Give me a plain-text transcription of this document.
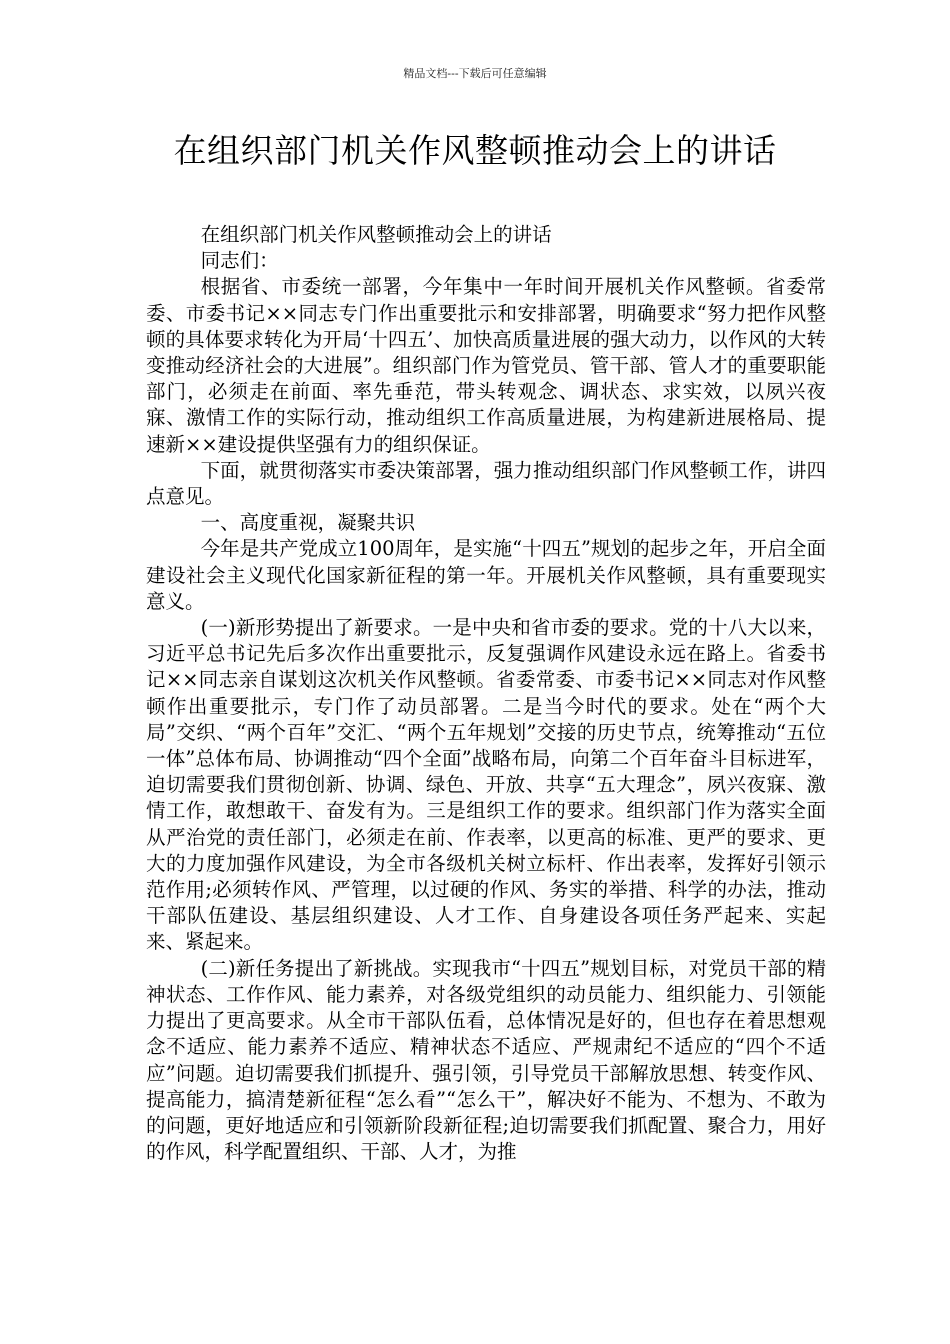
精品文档---下载后可任意编辑
在组织部门机关作风整顿推动会上的讲话

在组织部门机关作风整顿推动会上的讲话

同志们：

根据省、市委统一部署，今年集中一年时间开展机关作风整顿。省委常委、市委书记××同志专门作出重要批示和安排部署，明确要求“努力把作风整顿的具体要求转化为开局‘十四五’、加快高质量进展的强大动力，以作风的大转变推动经济社会的大进展”。组织部门作为管党员、管干部、管人才的重要职能部门，必须走在前面、率先垂范，带头转观念、调状态、求实效，以夙兴夜寐、激情工作的实际行动，推动组织工作高质量进展，为构建新进展格局、提速新××建设提供坚强有力的组织保证。

下面，就贯彻落实市委决策部署，强力推动组织部门作风整顿工作，讲四点意见。

一、高度重视，凝聚共识

今年是共产党成立100周年，是实施“十四五”规划的起步之年，开启全面建设社会主义现代化国家新征程的第一年。开展机关作风整顿，具有重要现实意义。

(一)新形势提出了新要求。一是中央和省市委的要求。党的十八大以来，习近平总书记先后多次作出重要批示，反复强调作风建设永远在路上。省委书记××同志亲自谋划这次机关作风整顿。省委常委、市委书记××同志对作风整顿作出重要批示，专门作了动员部署。二是当今时代的要求。处在“两个大局”交织、“两个百年”交汇、“两个五年规划”交接的历史节点，统筹推动“五位一体”总体布局、协调推动“四个全面”战略布局，向第二个百年奋斗目标进军，迫切需要我们贯彻创新、协调、绿色、开放、共享“五大理念”，夙兴夜寐、激情工作，敢想敢干、奋发有为。三是组织工作的要求。组织部门作为落实全面从严治党的责任部门，必须走在前、作表率，以更高的标准、更严的要求、更大的力度加强作风建设，为全市各级机关树立标杆、作出表率，发挥好引领示范作用;必须转作风、严管理，以过硬的作风、务实的举措、科学的办法，推动干部队伍建设、基层组织建设、人才工作、自身建设各项任务严起来、实起来、紧起来。

(二)新任务提出了新挑战。实现我市“十四五”规划目标，对党员干部的精神状态、工作作风、能力素养，对各级党组织的动员能力、组织能力、引领能力提出了更高要求。从全市干部队伍看，总体情况是好的，但也存在着思想观念不适应、能力素养不适应、精神状态不适应、严规肃纪不适应的“四个不适应”问题。迫切需要我们抓提升、强引领，引导党员干部解放思想、转变作风、提高能力，搞清楚新征程“怎么看”“怎么干”，解决好不能为、不想为、不敢为的问题，更好地适应和引领新阶段新征程;迫切需要我们抓配置、聚合力，用好的作风，科学配置组织、干部、人才，为推
